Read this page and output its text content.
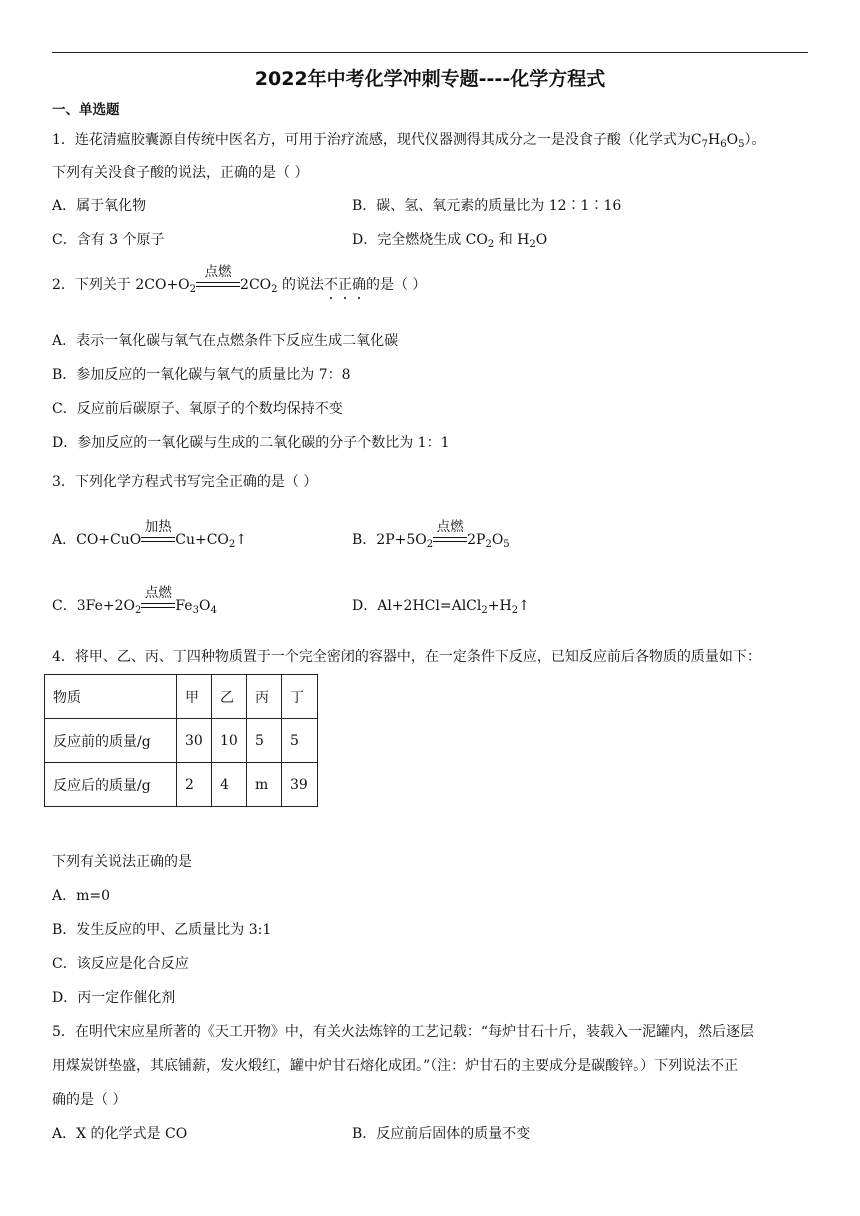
2022年中考化学冲刺专题----化学方程式
一、单选题
1．连花清瘟胶囊源自传统中医名方，可用于治疗流感，现代仪器测得其成分之一是没食子酸（化学式为$C_7H_6O_5$）。
下列有关没食子酸的说法，正确的是（ ）
A．属于氧化物	B．碳、氢、氧元素的质量比为 12∶1∶16
C．含有 3 个原子	D．完全燃烧生成 $CO_2$ 和 $H_2O$
2．下列关于 $2CO+O_2$
点燃
$2CO_2$ 的说法不正确
的是（ ）
A．表示一氧化碳与氧气在点燃条件下反应生成二氧化碳
B．参加反应的一氧化碳与氧气的质量比为 7：8
C．反应前后碳原子、氧原子的个数均保持不变
D．参加反应的一氧化碳与生成的二氧化碳的分子个数比为 1：1
3．下列化学方程式书写完全正确的是（ ）
A．CO+CuO
加热
$Cu+CO_2↑$	B．$2P+5O_2$
点燃
$2P_2O_5$
C．$3Fe+2O_2$
点燃
$Fe_3O_4$	D．$Al+2HCl=AlCl_2+H_2↑$
4．将甲、乙、丙、丁四种物质置于一个完全密闭的容器中，在一定条件下反应，已知反应前后各物质的质量如下：
物质	甲	乙	丙	丁
反应前的质量/g	30	10	5	5
反应后的质量/g	2	4	m	39
下列有关说法正确的是
A．m=0
B．发生反应的甲、乙质量比为 3:1
C．该反应是化合反应
D．丙一定作催化剂
5．在明代宋应星所著的《天工开物》中，有关火法炼锌的工艺记载：“每炉甘石十斤，装载入一泥罐内，然后逐层
用煤炭饼垫盛，其底铺薪，发火煅红，罐中炉甘石熔化成团。”（注：炉甘石的主要成分是碳酸锌。）下列说法不正
确的是（ ）
A．X 的化学式是 CO	B．反应前后固体的质量不变
